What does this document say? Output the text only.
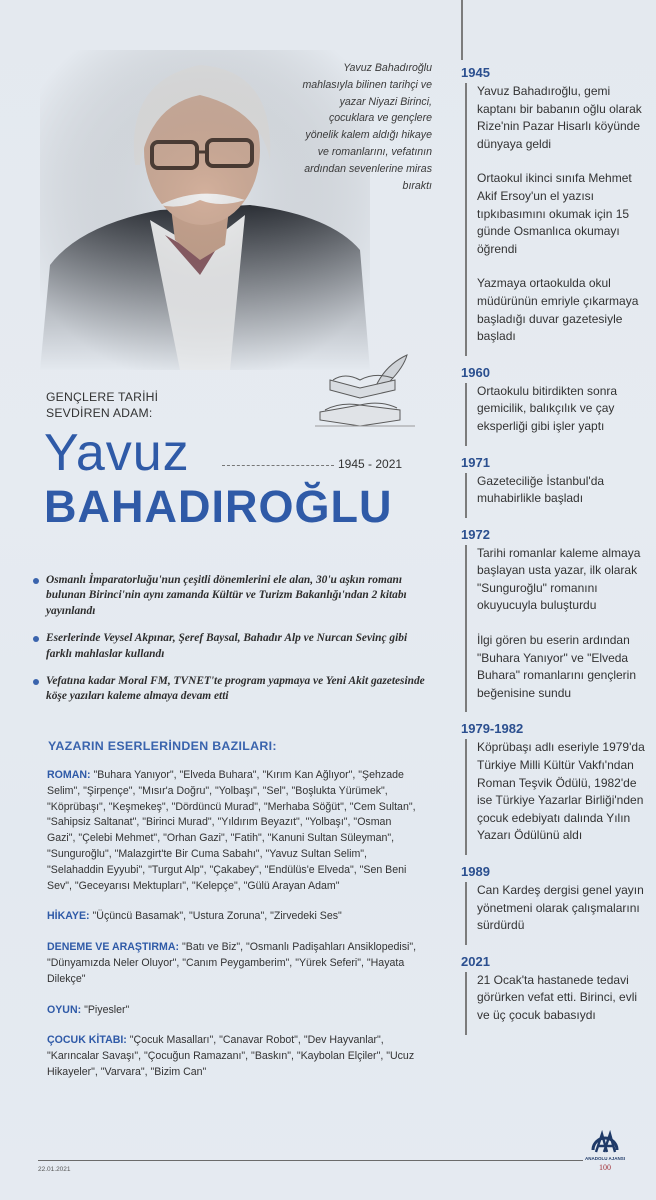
Yavuz Bahadıroğlu mahlasıyla bilinen tarihçi ve yazar Niyazi Birinci, çocuklara ve gençlere yönelik kalem aldığı hikaye ve romanlarını, vefatının ardından sevenlerine miras bıraktı
GENÇLERE TARİHİ
SEVDİREN ADAM:
Yavuz	1945 - 2021
BAHADIROĞLU
Osmanlı İmparatorluğu'nun çeşitli dönemlerini ele alan, 30'u aşkın romanı bulunan Birinci'nin aynı zamanda Kültür ve Turizm Bakanlığı'ndan 2 kitabı yayınlandı
Eserlerinde Veysel Akpınar, Şeref Baysal, Bahadır Alp ve Nurcan Sevinç gibi farklı mahlaslar kullandı
Vefatına kadar Moral FM, TVNET'te program yapmaya ve Yeni Akit gazetesinde köşe yazıları kaleme almaya devam etti
YAZARIN ESERLERİNDEN BAZILARI:
ROMAN: "Buhara Yanıyor", "Elveda Buhara", "Kırım Kan Ağlıyor", "Şehzade Selim", "Şirpençe", "Mısır'a Doğru", "Yolbaşı", "Sel", "Boşlukta Yürümek", "Köprübaşı", "Keşmekeş", "Dördüncü Murad", "Merhaba Söğüt", "Cem Sultan", "Sahipsiz Saltanat", "Birinci Murad", "Yıldırım Beyazıt", "Yolbaşı", "Osman Gazi", "Çelebi Mehmet", "Orhan Gazi", "Fatih", "Kanuni Sultan Süleyman", "Sunguroğlu", "Malazgirt'te Bir Cuma Sabahı", "Yavuz Sultan Selim", "Selahaddin Eyyubi", "Turgut Alp", "Çakabey", "Endülüs'e Elveda", "Sen Beni Sev", "Geceyarısı Mektupları", "Kelepçe", "Gülü Arayan Adam"
HİKAYE: "Üçüncü Basamak", "Ustura Zoruna", "Zirvedeki Ses"
DENEME VE ARAŞTIRMA: "Batı ve Biz", "Osmanlı Padişahları Ansiklopedisi", "Dünyamızda Neler Oluyor", "Canım Peygamberim", "Yürek Seferi", "Hayata Dilekçe"
OYUN: "Piyesler"
ÇOCUK KİTABI: "Çocuk Masalları", "Canavar Robot", "Dev Hayvanlar", "Karıncalar Savaşı", "Çocuğun Ramazanı", "Baskın", "Kaybolan Elçiler", "Ucuz Hikayeler", "Varvara", "Bizim Can"
1945
Yavuz Bahadıroğlu, gemi kaptanı bir babanın oğlu olarak Rize'nin Pazar Hisarlı köyünde dünyaya geldi
Ortaokul ikinci sınıfa Mehmet Akif Ersoy'un el yazısı tıpkıbasımını okumak için 15 günde Osmanlıca okumayı öğrendi
Yazmaya ortaokulda okul müdürünün emriyle çıkarmaya başladığı duvar gazetesiyle başladı
1960
Ortaokulu bitirdikten sonra gemicilik, balıkçılık ve çay eksperliği gibi işler yaptı
1971
Gazeteciliğe İstanbul'da muhabirlikle başladı
1972
Tarihi romanlar kaleme almaya başlayan usta yazar, ilk olarak "Sunguroğlu" romanını okuyucuyla buluşturdu
İlgi gören bu eserin ardından "Buhara Yanıyor" ve "Elveda Buhara" romanlarını gençlerin beğenisine sundu
1979-1982
Köprübaşı adlı eseriyle 1979'da Türkiye Milli Kültür Vakfı'ndan Roman Teşvik Ödülü, 1982'de ise Türkiye Yazarlar Birliği'nden çocuk edebiyatı dalında Yılın Yazarı Ödülünü aldı
1989
Can Kardeş dergisi genel yayın yönetmeni olarak çalışmalarını sürdürdü
2021
21 Ocak'ta hastanede tedavi görürken vefat etti. Birinci, evli ve üç çocuk babasıydı
22.01.2021
ANADOLU AJANSI
100
